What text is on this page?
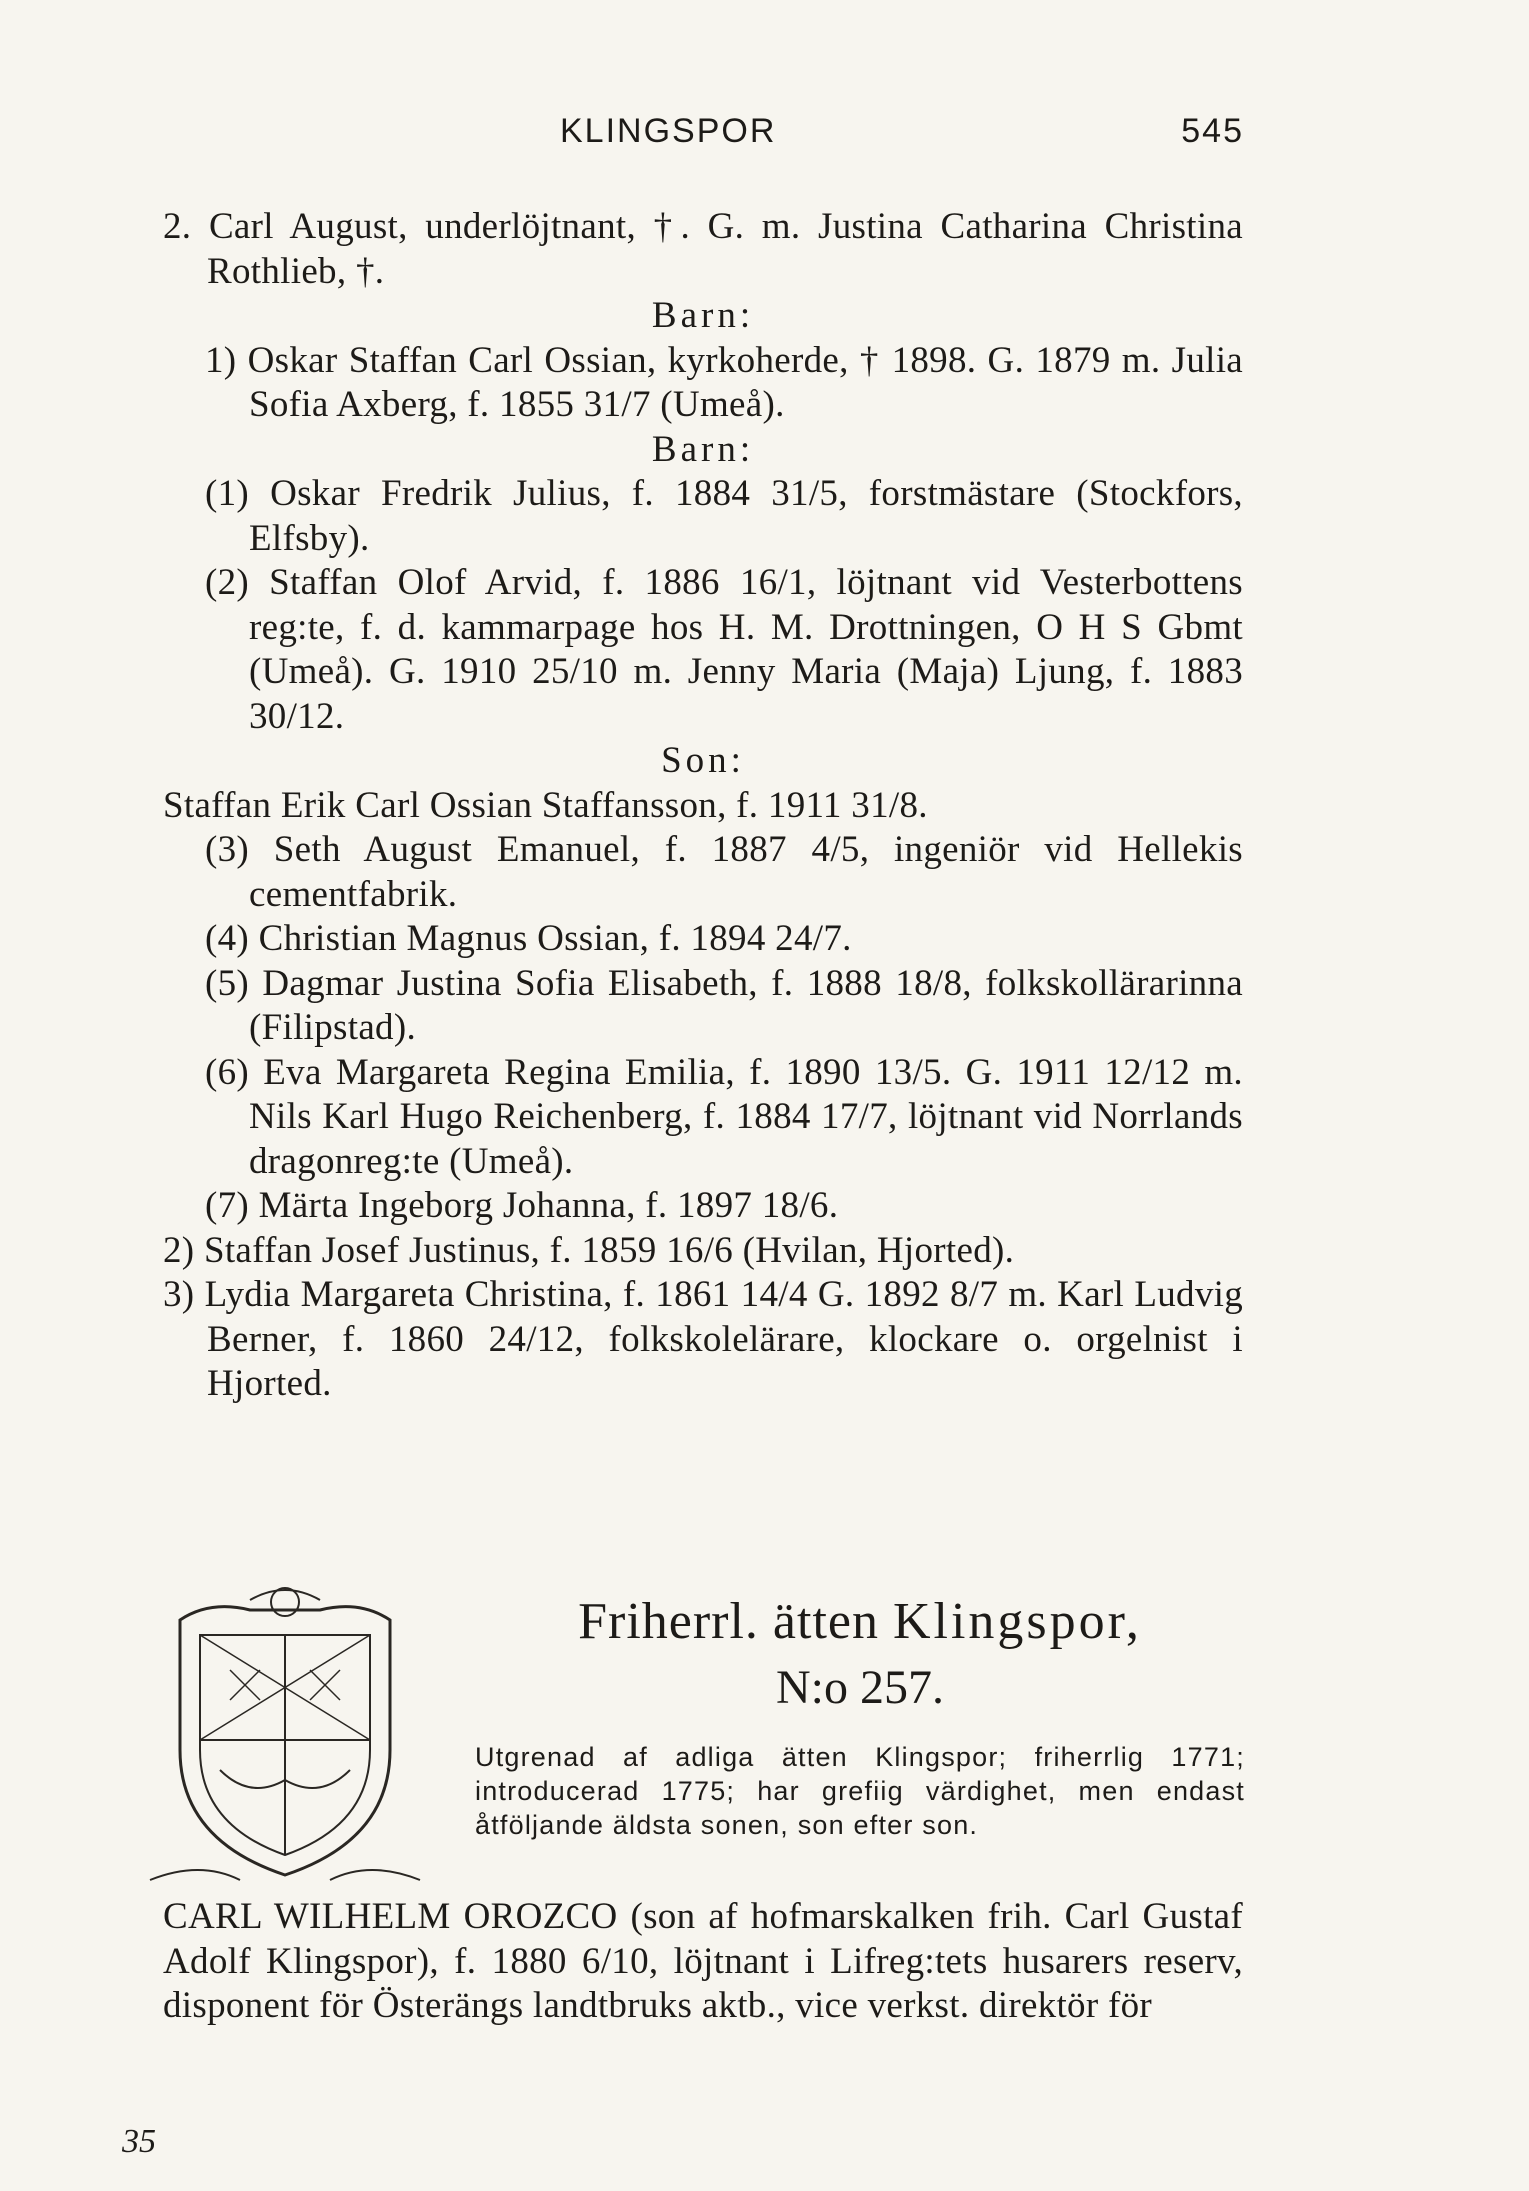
KLINGSPOR	545

2. Carl August, underlöjtnant, †. G. m. Justina Catharina Christina Rothlieb, †.

Barn:

1) Oskar Staffan Carl Ossian, kyrkoherde, † 1898. G. 1879 m. Julia Sofia Axberg, f. 1855 31/7 (Umeå).

Barn:

(1) Oskar Fredrik Julius, f. 1884 31/5, forstmästare (Stockfors, Elfsby).

(2) Staffan Olof Arvid, f. 1886 16/1, löjtnant vid Vesterbottens reg:te, f. d. kammarpage hos H. M. Drottningen, O H S Gbmt (Umeå). G. 1910 25/10 m. Jenny Maria (Maja) Ljung, f. 1883 30/12.

Son:

Staffan Erik Carl Ossian Staffansson, f. 1911 31/8.

(3) Seth August Emanuel, f. 1887 4/5, ingeniör vid Hellekis cementfabrik.

(4) Christian Magnus Ossian, f. 1894 24/7.

(5) Dagmar Justina Sofia Elisabeth, f. 1888 18/8, folkskollärarinna (Filipstad).

(6) Eva Margareta Regina Emilia, f. 1890 13/5. G. 1911 12/12 m. Nils Karl Hugo Reichenberg, f. 1884 17/7, löjtnant vid Norrlands dragonreg:te (Umeå).

(7) Märta Ingeborg Johanna, f. 1897 18/6.

2) Staffan Josef Justinus, f. 1859 16/6 (Hvilan, Hjorted).

3) Lydia Margareta Christina, f. 1861 14/4 G. 1892 8/7 m. Karl Ludvig Berner, f. 1860 24/12, folkskolelärare, klockare o. orgelnist i Hjorted.

Friherrl. ätten Klingspor,
N:o 257.
Utgrenad af adliga ätten Klingspor; friherrlig 1771; introducerad 1775; har grefiig värdighet, men endast åtföljande äldsta sonen, son efter son.

CARL WILHELM OROZCO (son af hofmarskalken frih. Carl Gustaf Adolf Klingspor), f. 1880 6/10, löjtnant i Lifreg:tets husarers reserv, disponent för Österängs landtbruks aktb., vice verkst. direktör för

35
